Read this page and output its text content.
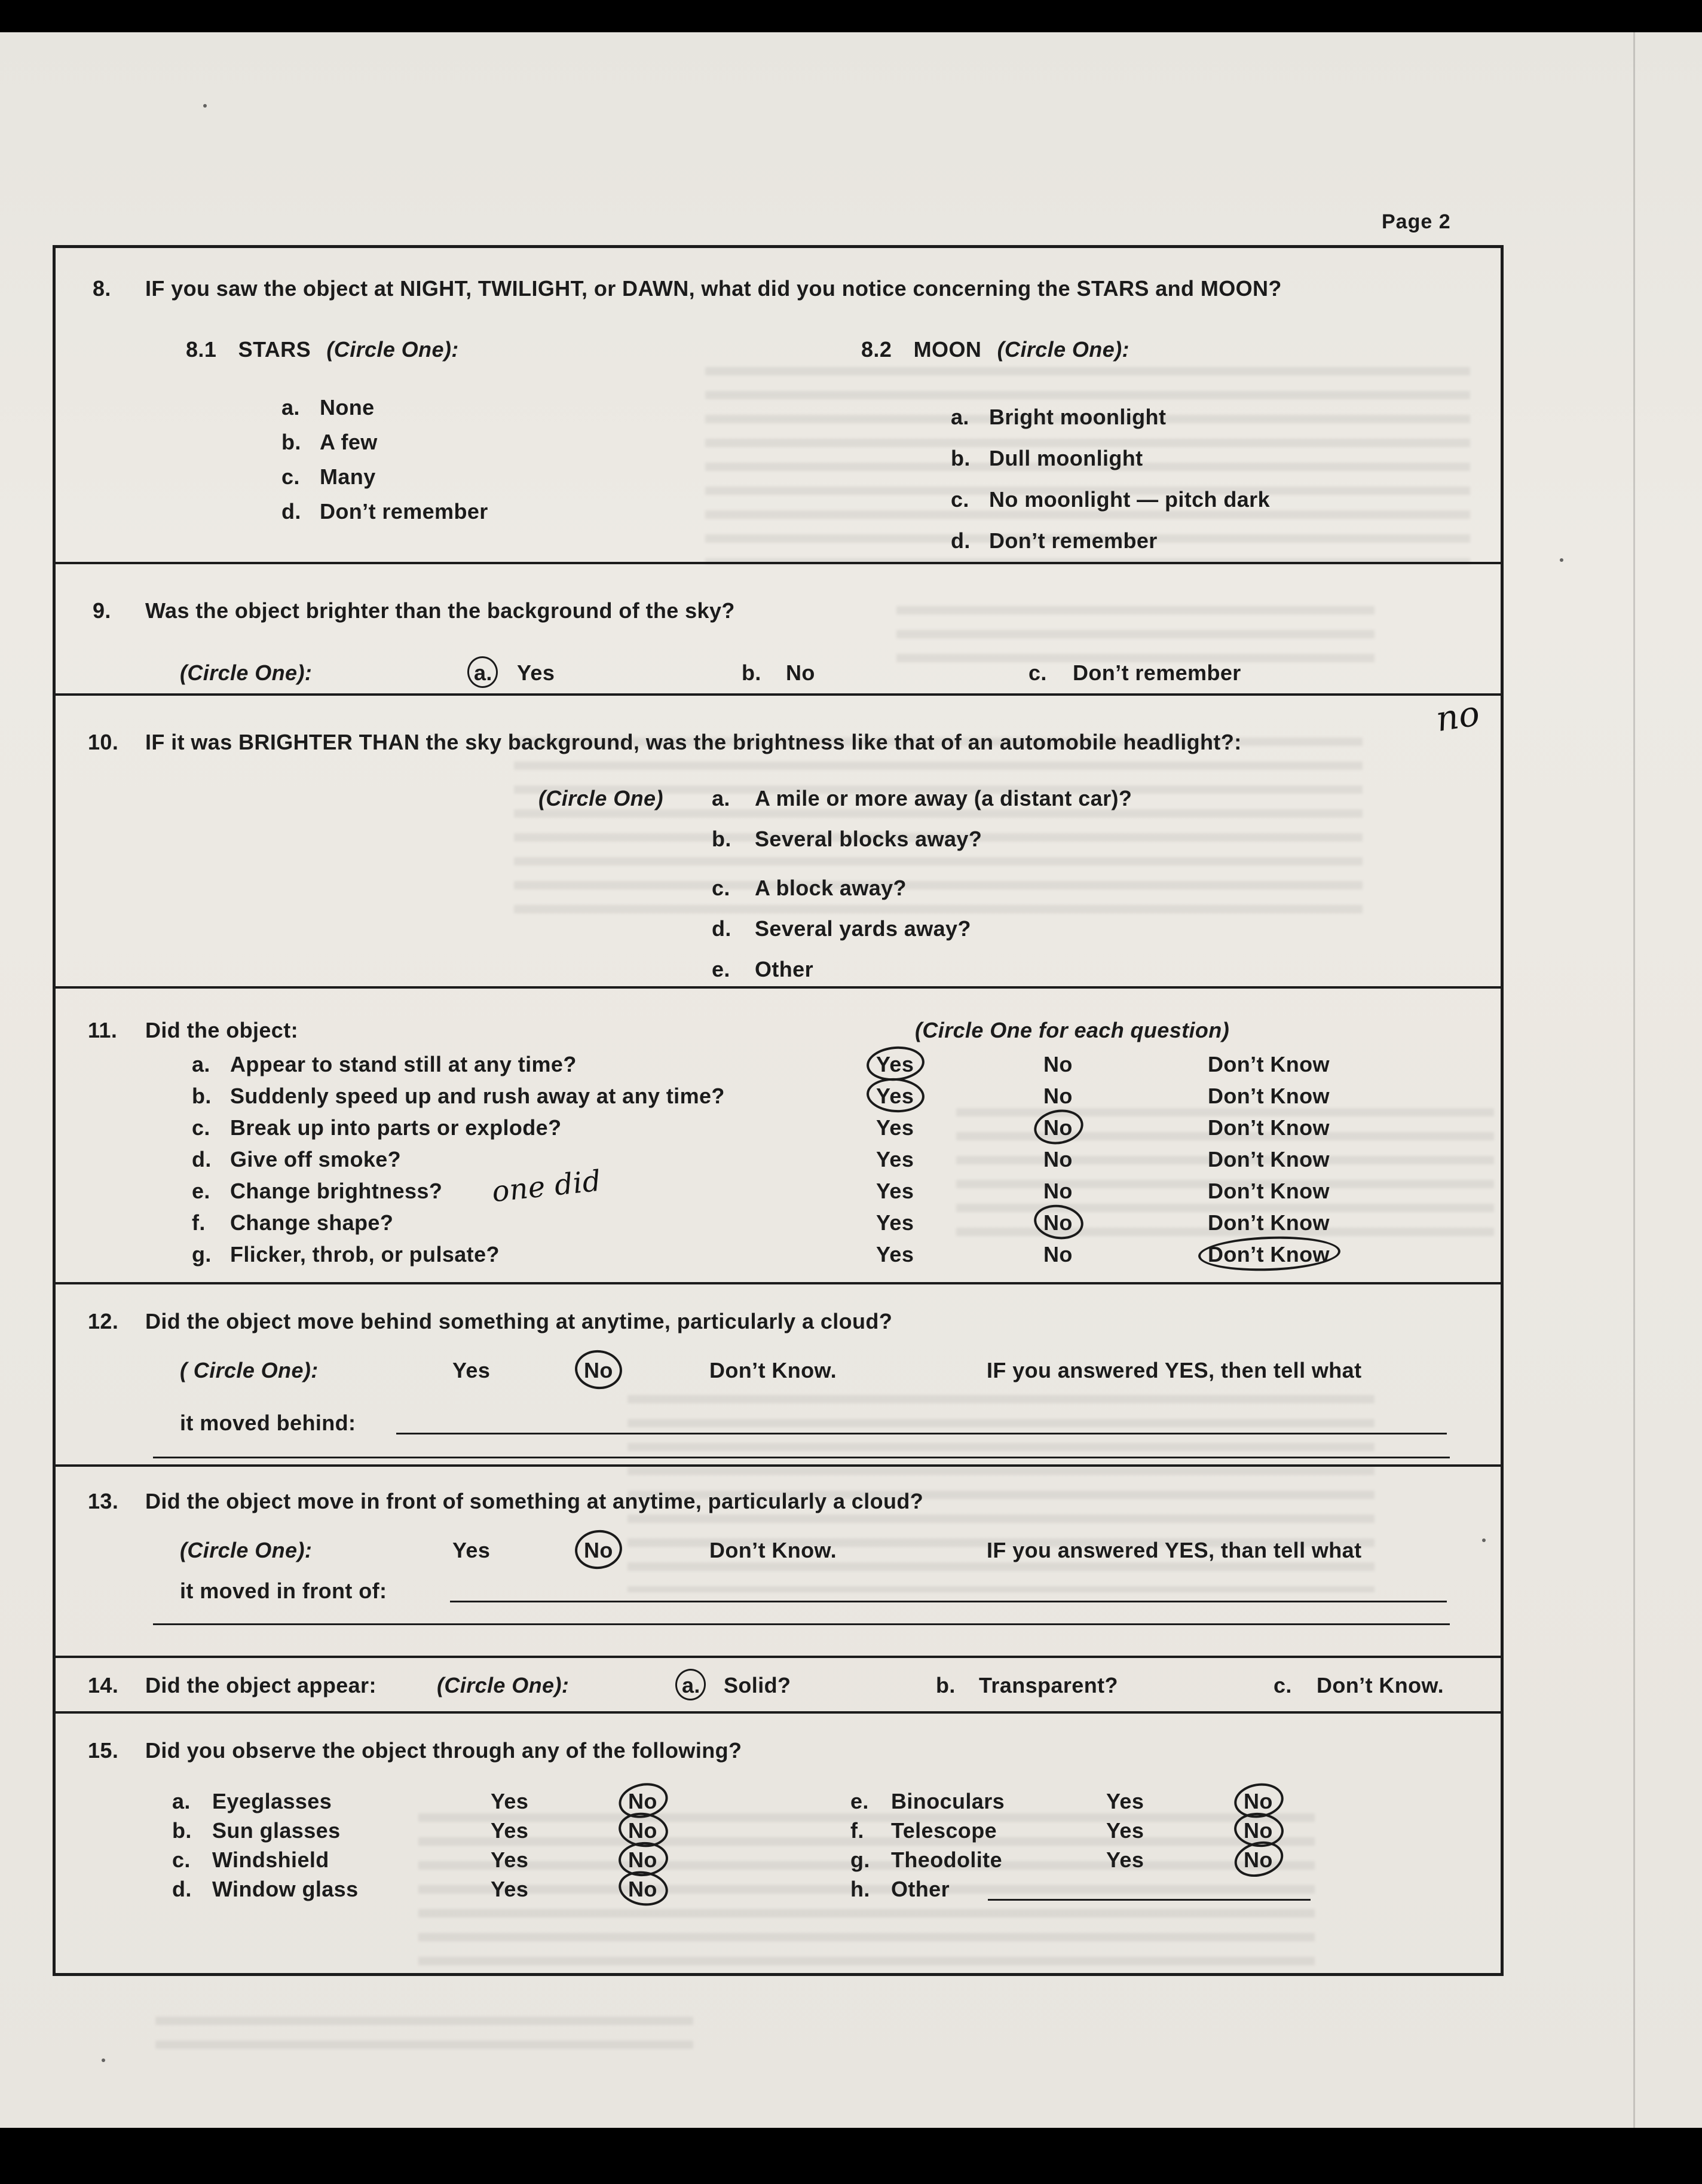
Page 2
8. IF you saw the object at NIGHT, TWILIGHT, or DAWN, what did you notice concerning the STARS and MOON?
8.1 STARS (Circle One):
a. None
b. A few
c. Many
d. Don’t remember
8.2 MOON (Circle One):
a. Bright moonlight
b. Dull moonlight
c. No moonlight — pitch dark
d. Don’t remember
9. Was the object brighter than the background of the sky?
(Circle One):	a. Yes	b. No	c. Don’t remember
10. IF it was BRIGHTER THAN the sky background, was the brightness like that of an automobile headlight?:
no
(Circle One) a. A mile or more away (a distant car)?
b. Several blocks away?
c. A block away?
d. Several yards away?
e. Other
11. Did the object:	(Circle One for each question)
a. Appear to stand still at any time?	Yes	No	Don’t Know
b. Suddenly speed up and rush away at any time?	Yes	No	Don’t Know
c. Break up into parts or explode?	Yes	No	Don’t Know
d. Give off smoke?	Yes	No	Don’t Know
e. Change brightness? one did	Yes	No	Don’t Know
f. Change shape?	Yes	No	Don’t Know
g. Flicker, throb, or pulsate?	Yes	No	Don’t Know
12. Did the object move behind something at anytime, particularly a cloud?
( Circle One):	Yes	No	Don’t Know.	IF you answered YES, then tell what
it moved behind:
13. Did the object move in front of something at anytime, particularly a cloud?
(Circle One):	Yes	No	Don’t Know.	IF you answered YES, than tell what
it moved in front of:
14. Did the object appear:	(Circle One):	a. Solid?	b. Transparent?	c. Don’t Know.
15. Did you observe the object through any of the following?
a. Eyeglasses	Yes	No
b. Sun glasses	Yes	No
c. Windshield	Yes	No
d. Window glass	Yes	No
e. Binoculars	Yes	No
f. Telescope	Yes	No
g. Theodolite	Yes	No
h. Other
